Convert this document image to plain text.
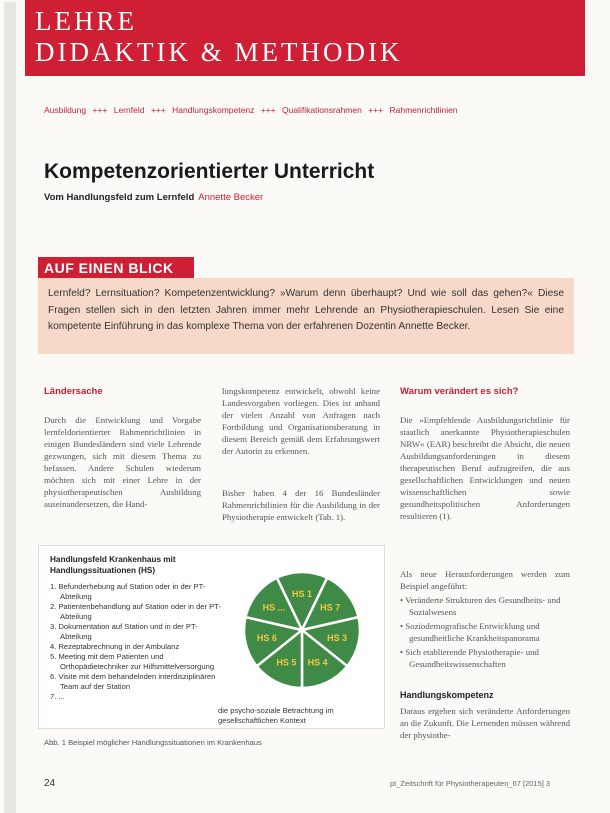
LEHRE
DIDAKTIK & METHODIK
Ausbildung +++ Lernfeld +++ Handlungskompetenz +++ Qualifikationsrahmen +++ Rahmenrichtlinien
Kompetenzorientierter Unterricht
Vom Handlungsfeld zum Lernfeld Annette Becker
AUF EINEN BLICK
Lernfeld? Lernsituation? Kompetenzentwicklung? »Warum denn überhaupt? Und wie soll das gehen?« Diese Fragen stellen sich in den letzten Jahren immer mehr Lehrende an Physiotherapieschulen. Lesen Sie eine kompetente Einführung in das komplexe Thema von der erfahrenen Dozentin Annette Becker.
Ländersache
Durch die Entwicklung und Vorgabe lernfeldorientierter Rahmenrichtlinien in einigen Bundesländern sind viele Lehrende gezwungen, sich mit diesem Thema zu befassen. Andere Schulen wiederum möchten sich mit einer Lehre in der physiotherapeutischen Ausbildung auseinandersetzen, die Hand-
lungskompetenz entwickelt, obwohl keine Landesvorgaben vorliegen. Dies ist anhand der vielen Anzahl von Anfragen nach Fortbildung und Organisationsberatung in diesem Bereich gemäß dem Erfahrungswert der Autorin zu erkennen.
Bisher haben 4 der 16 Bundesländer Rahmenrichtlinien für die Ausbildung in der Physiotherapie entwickelt (Tab. 1).
Warum verändert es sich?
Die »Empfehlende Ausbildungsrichtlinie für staatlich anerkannte Physiotherapieschulen NRW« (EAR) beschreibt die Absicht, die neuen Ausbildungsanforderungen in diesem therapeutischen Beruf aufzugreifen, die aus gesellschaftlichen Entwicklungen und neuen wissenschaftlichen sowie gesundheitspolitischen Anforderungen resultieren (1).
Als neue Herausforderungen werden zum Beispiel angeführt:
• Veränderte Strukturen des Gesundheits- und Sozialwesens
• Soziodemografische Entwicklung und gesundheitliche Krankheitspanorama
• Sich etablierende Physiotherapie- und Gesundheitswissenschaften
Handlungskompetenz
Daraus ergeben sich veränderte Anforderungen an die Zukunft. Die Lernenden müssen während der physiothe-
Handlungsfeld Krankenhaus mit Handlungssituationen (HS)
1. Befunderhebung auf Station oder in der PT-Abteilung
2. Patientenbehandlung auf Station oder in der PT-Abteilung
3. Dokumentation auf Station und in der PT-Abteilung
4. Rezeptabrechnung in der Ambulanz
5. Meeting mit dem Patienten und Orthopädietechniker zur Hilfsmittelversorgung
6. Visite mit dem behandelnden interdisziplinären Team auf der Station
7. ...
HS 1
HS 7
HS 3
HS 4
HS 5
HS 6
HS ...
die psycho-soziale Betrachtung im gesellschaftlichen Kontext
Abb. 1 Beispiel möglicher Handlungssituationen im Krankenhaus
24	pt_Zeitschrift für Physiotherapeuten_67 [2015] 3
